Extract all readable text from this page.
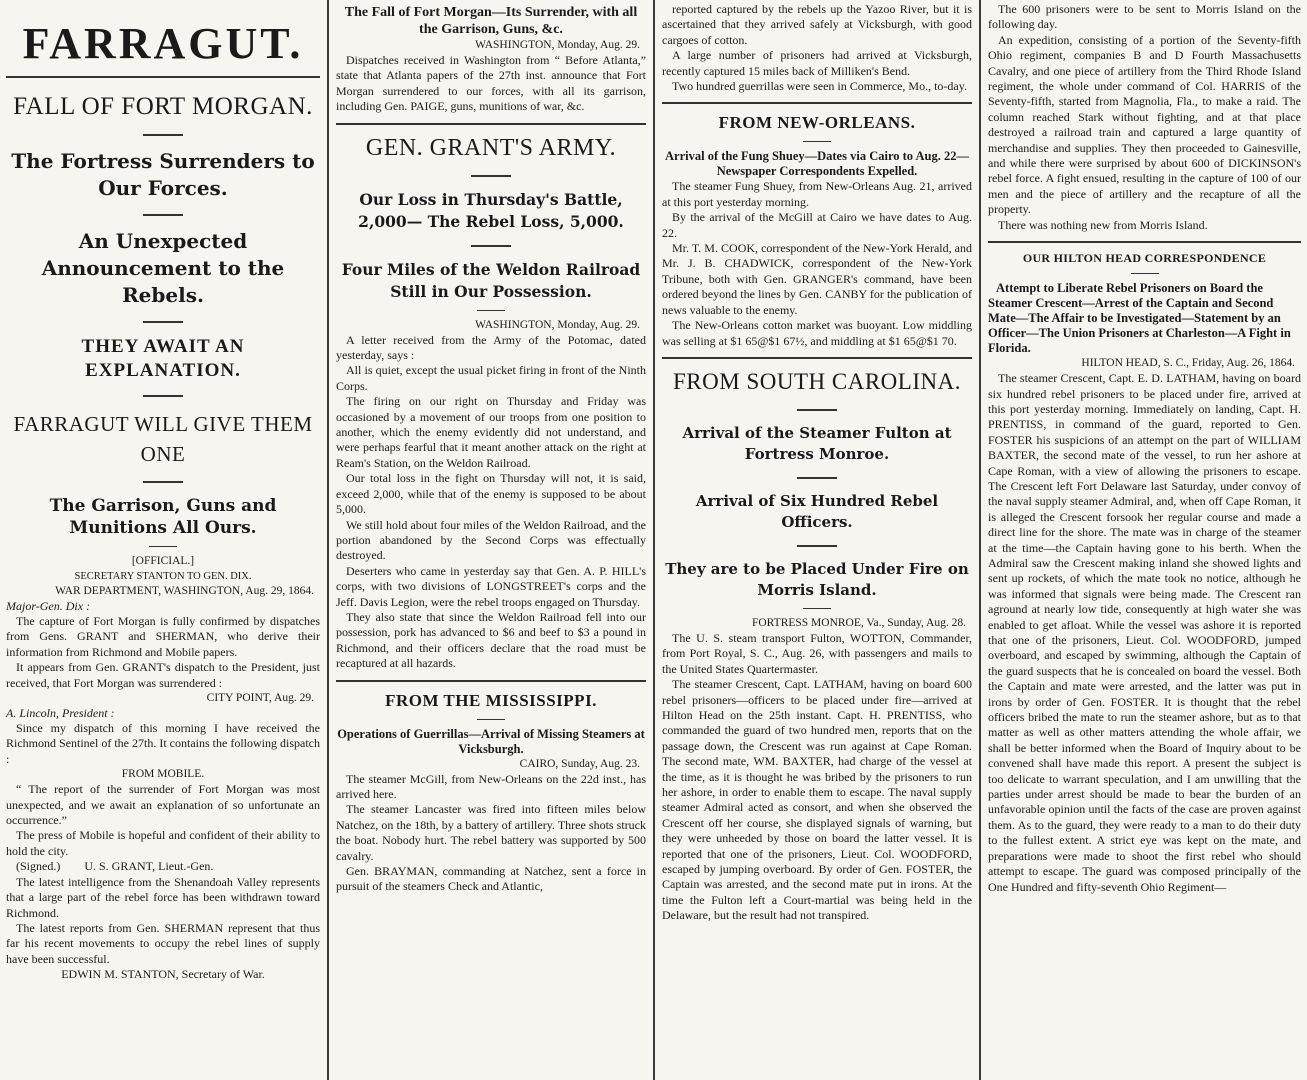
FARRAGUT.
FALL OF FORT MORGAN.
The Fortress Surrenders to Our Forces.
An Unexpected Announcement to the Rebels.
THEY AWAIT AN EXPLANATION.
FARRAGUT WILL GIVE THEM ONE
The Garrison, Guns and Munitions All Ours.
[OFFICIAL.]
SECRETARY STANTON TO GEN. DIX.
WAR DEPARTMENT, WASHINGTON, Aug. 29, 1864.
Major-Gen. Dix :

The capture of Fort Morgan is fully confirmed by dispatches from Gens. GRANT and SHERMAN, who derive their information from Richmond and Mobile papers.

It appears from Gen. GRANT's dispatch to the President, just received, that Fort Morgan was surrendered :

CITY POINT, Aug. 29.
A. Lincoln, President :

Since my dispatch of this morning I have received the Richmond Sentinel of the 27th. It contains the following dispatch :

FROM MOBILE.

“ The report of the surrender of Fort Morgan was most unexpected, and we await an explanation of so unfortunate an occurrence.”

The press of Mobile is hopeful and confident of their ability to hold the city.

(Signed.)        U. S. GRANT, Lieut.-Gen.

The latest intelligence from the Shenandoah Valley represents that a large part of the rebel force has been withdrawn toward Richmond.

The latest reports from Gen. SHERMAN represent that thus far his recent movements to occupy the rebel lines of supply have been successful.

EDWIN M. STANTON, Secretary of War.
The Fall of Fort Morgan—Its Surrender, with all the Garrison, Guns, &c.
WASHINGTON, Monday, Aug. 29.

Dispatches received in Washington from “ Before Atlanta,” state that Atlanta papers of the 27th inst. announce that Fort Morgan surrendered to our forces, with all its garrison, including Gen. PAIGE, guns, munitions of war, &c.

GEN. GRANT'S ARMY.
Our Loss in Thursday's Battle, 2,000— The Rebel Loss, 5,000.
Four Miles of the Weldon Railroad Still in Our Possession.
WASHINGTON, Monday, Aug. 29.

A letter received from the Army of the Potomac, dated yesterday, says :

All is quiet, except the usual picket firing in front of the Ninth Corps.

The firing on our right on Thursday and Friday was occasioned by a movement of our troops from one position to another, which the enemy evidently did not understand, and were perhaps fearful that it meant another attack on the right at Ream's Station, on the Weldon Railroad.

Our total loss in the fight on Thursday will not, it is said, exceed 2,000, while that of the enemy is supposed to be about 5,000.

We still hold about four miles of the Weldon Railroad, and the portion abandoned by the Second Corps was effectually destroyed.

Deserters who came in yesterday say that Gen. A. P. HILL's corps, with two divisions of LONGSTREET's corps and the Jeff. Davis Legion, were the rebel troops engaged on Thursday.

They also state that since the Weldon Railroad fell into our possession, pork has advanced to $6 and beef to $3 a pound in Richmond, and their officers declare that the road must be recaptured at all hazards.

FROM THE MISSISSIPPI.
Operations of Guerrillas—Arrival of Missing Steamers at Vicksburgh.
CAIRO, Sunday, Aug. 23.

The steamer McGill, from New-Orleans on the 22d inst., has arrived here.

The steamer Lancaster was fired into fifteen miles below Natchez, on the 18th, by a battery of artillery. Three shots struck the boat. Nobody hurt. The rebel battery was supported by 500 cavalry.

Gen. BRAYMAN, commanding at Natchez, sent a force in pursuit of the steamers Check and Atlantic,

reported captured by the rebels up the Yazoo River, but it is ascertained that they arrived safely at Vicksburgh, with good cargoes of cotton.

A large number of prisoners had arrived at Vicksburgh, recently captured 15 miles back of Milliken's Bend.

Two hundred guerrillas were seen in Commerce, Mo., to-day.

FROM NEW-ORLEANS.
Arrival of the Fung Shuey—Dates via Cairo to Aug. 22—Newspaper Correspondents Expelled.

The steamer Fung Shuey, from New-Orleans Aug. 21, arrived at this port yesterday morning.

By the arrival of the McGill at Cairo we have dates to Aug. 22.

Mr. T. M. COOK, correspondent of the New-York Herald, and Mr. J. B. CHADWICK, correspondent of the New-York Tribune, both with Gen. GRANGER's command, have been ordered beyond the lines by Gen. CANBY for the publication of news valuable to the enemy.

The New-Orleans cotton market was buoyant. Low middling was selling at $1 65@$1 67½, and middling at $1 65@$1 70.

FROM SOUTH CAROLINA.
Arrival of the Steamer Fulton at Fortress Monroe.
Arrival of Six Hundred Rebel Officers.
They are to be Placed Under Fire on Morris Island.
FORTRESS MONROE, Va., Sunday, Aug. 28.

The U. S. steam transport Fulton, WOTTON, Commander, from Port Royal, S. C., Aug. 26, with passengers and mails to the United States Quartermaster.

The steamer Crescent, Capt. LATHAM, having on board 600 rebel prisoners—officers to be placed under fire—arrived at Hilton Head on the 25th instant. Capt. H. PRENTISS, who commanded the guard of two hundred men, reports that on the passage down, the Crescent was run against at Cape Roman. The second mate, WM. BAXTER, had charge of the vessel at the time, as it is thought he was bribed by the prisoners to run her ashore, in order to enable them to escape. The naval supply steamer Admiral acted as consort, and when she observed the Crescent off her course, she displayed signals of warning, but they were unheeded by those on board the latter vessel. It is reported that one of the prisoners, Lieut. Col. WOODFORD, escaped by jumping overboard. By order of Gen. FOSTER, the Captain was arrested, and the second mate put in irons. At the time the Fulton left a Court-martial was being held in the Delaware, but the result had not transpired.

The 600 prisoners were to be sent to Morris Island on the following day.

An expedition, consisting of a portion of the Seventy-fifth Ohio regiment, companies B and D Fourth Massachusetts Cavalry, and one piece of artillery from the Third Rhode Island regiment, the whole under command of Col. HARRIS of the Seventy-fifth, started from Magnolia, Fla., to make a raid. The column reached Stark without fighting, and at that place destroyed a railroad train and captured a large quantity of merchandise and supplies. They then proceeded to Gainesville, and while there were surprised by about 600 of DICKINSON's rebel force. A fight ensued, resulting in the capture of 100 of our men and the piece of artillery and the recapture of all the property.

There was nothing new from Morris Island.

OUR HILTON HEAD CORRESPONDENCE
Attempt to Liberate Rebel Prisoners on Board the Steamer Crescent—Arrest of the Captain and Second Mate—The Affair to be Investigated—Statement by an Officer—The Union Prisoners at Charleston—A Fight in Florida.
HILTON HEAD, S. C., Friday, Aug. 26, 1864.

The steamer Crescent, Capt. E. D. LATHAM, having on board six hundred rebel prisoners to be placed under fire, arrived at this port yesterday morning. Immediately on landing, Capt. H. PRENTISS, in command of the guard, reported to Gen. FOSTER his suspicions of an attempt on the part of WILLIAM BAXTER, the second mate of the vessel, to run her ashore at Cape Roman, with a view of allowing the prisoners to escape. The Crescent left Fort Delaware last Saturday, under convoy of the naval supply steamer Admiral, and, when off Cape Roman, it is alleged the Crescent forsook her regular course and made a direct line for the shore. The mate was in charge of the steamer at the time—the Captain having gone to his berth. When the Admiral saw the Crescent making inland she showed lights and sent up rockets, of which the mate took no notice, although he was informed that signals were being made. The Crescent ran aground at nearly low tide, consequently at high water she was enabled to get afloat. While the vessel was ashore it is reported that one of the prisoners, Lieut. Col. WOODFORD, jumped overboard, and escaped by swimming, although the Captain of the guard suspects that he is concealed on board the vessel. Both the Captain and mate were arrested, and the latter was put in irons by order of Gen. FOSTER. It is thought that the rebel officers bribed the mate to run the steamer ashore, but as to that matter as well as other matters attending the whole affair, we shall be better informed when the Board of Inquiry about to be convened shall have made this report. A present the subject is too delicate to warrant speculation, and I am unwilling that the parties under arrest should be made to bear the burden of an unfavorable opinion until the facts of the case are proven against them. As to the guard, they were ready to a man to do their duty to the fullest extent. A strict eye was kept on the mate, and preparations were made to shoot the first rebel who should attempt to escape. The guard was composed principally of the One Hundred and fifty-seventh Ohio Regiment—
